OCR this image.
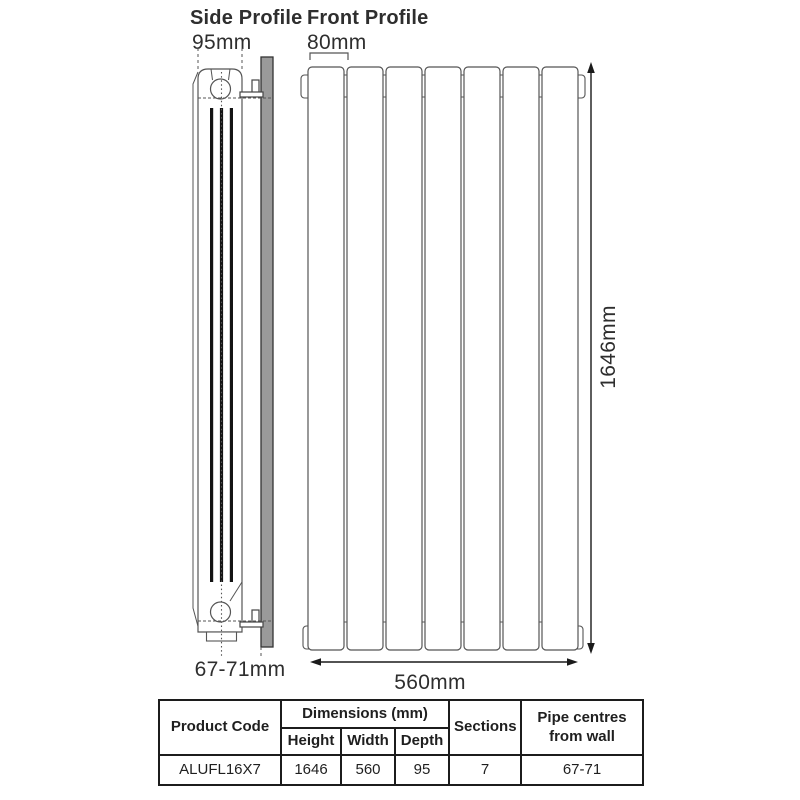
Side Profile
95mm
67-71mm
Front Profile
80mm
1646mm
560mm
Product Code	Dimensions (mm)			Sections	Pipe centres from wall
	Height	Width	Depth		
ALUFL16X7	1646	560	95	7	67-71
